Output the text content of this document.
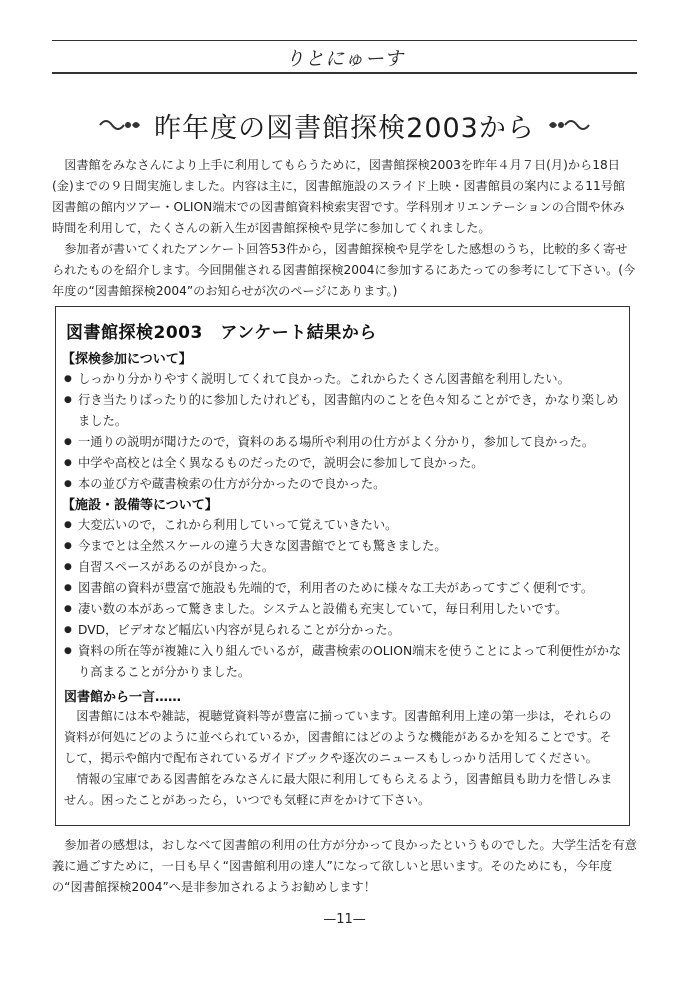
りとにゅーす
昨年度の図書館探検2003から

図書館をみなさんにより上手に利用してもらうために，図書館探検2003を昨年４月７日(月)から18日(金)までの９日間実施しました。内容は主に，図書館施設のスライド上映・図書館員の案内による11号館図書館の館内ツアー・OLION端末での図書館資料検索実習です。学科別オリエンテーションの合間や休み時間を利用して，たくさんの新入生が図書館探検や見学に参加してくれました。

参加者が書いてくれたアンケート回答53件から，図書館探検や見学をした感想のうち，比較的多く寄せられたものを紹介します。今回開催される図書館探検2004に参加するにあたっての参考にして下さい。(今年度の“図書館探検2004”のお知らせが次のページにあります。)

図書館探検2003　アンケート結果から
【探検参加について】
● しっかり分かりやすく説明してくれて良かった。これからたくさん図書館を利用したい。
● 行き当たりばったり的に参加したけれども，図書館内のことを色々知ることができ，かなり楽しめました。
● 一通りの説明が聞けたので，資料のある場所や利用の仕方がよく分かり，参加して良かった。
● 中学や高校とは全く異なるものだったので，説明会に参加して良かった。
● 本の並び方や蔵書検索の仕方が分かったので良かった。
【施設・設備等について】
● 大変広いので，これから利用していって覚えていきたい。
● 今までとは全然スケールの違う大きな図書館でとても驚きました。
● 自習スペースがあるのが良かった。
● 図書館の資料が豊富で施設も先端的で，利用者のために様々な工夫があってすごく便利です。
● 凄い数の本があって驚きました。システムと設備も充実していて，毎日利用したいです。
● DVD，ビデオなど幅広い内容が見られることが分かった。
● 資料の所在等が複雑に入り組んでいるが，蔵書検索のOLION端末を使うことによって利便性がかなり高まることが分かりました。
図書館から一言……

図書館には本や雑誌，視聴覚資料等が豊富に揃っています。図書館利用上達の第一歩は，それらの資料が何処にどのように並べられているか，図書館にはどのような機能があるかを知ることです。そして，掲示や館内で配布されているガイドブックや逐次のニュースもしっかり活用してください。

情報の宝庫である図書館をみなさんに最大限に利用してもらえるよう，図書館員も助力を惜しみません。困ったことがあったら，いつでも気軽に声をかけて下さい。

参加者の感想は，おしなべて図書館の利用の仕方が分かって良かったというものでした。大学生活を有意義に過ごすために，一日も早く“図書館利用の達人”になって欲しいと思います。そのためにも，今年度の“図書館探検2004”へ是非参加されるようお勧めします！

—11—
